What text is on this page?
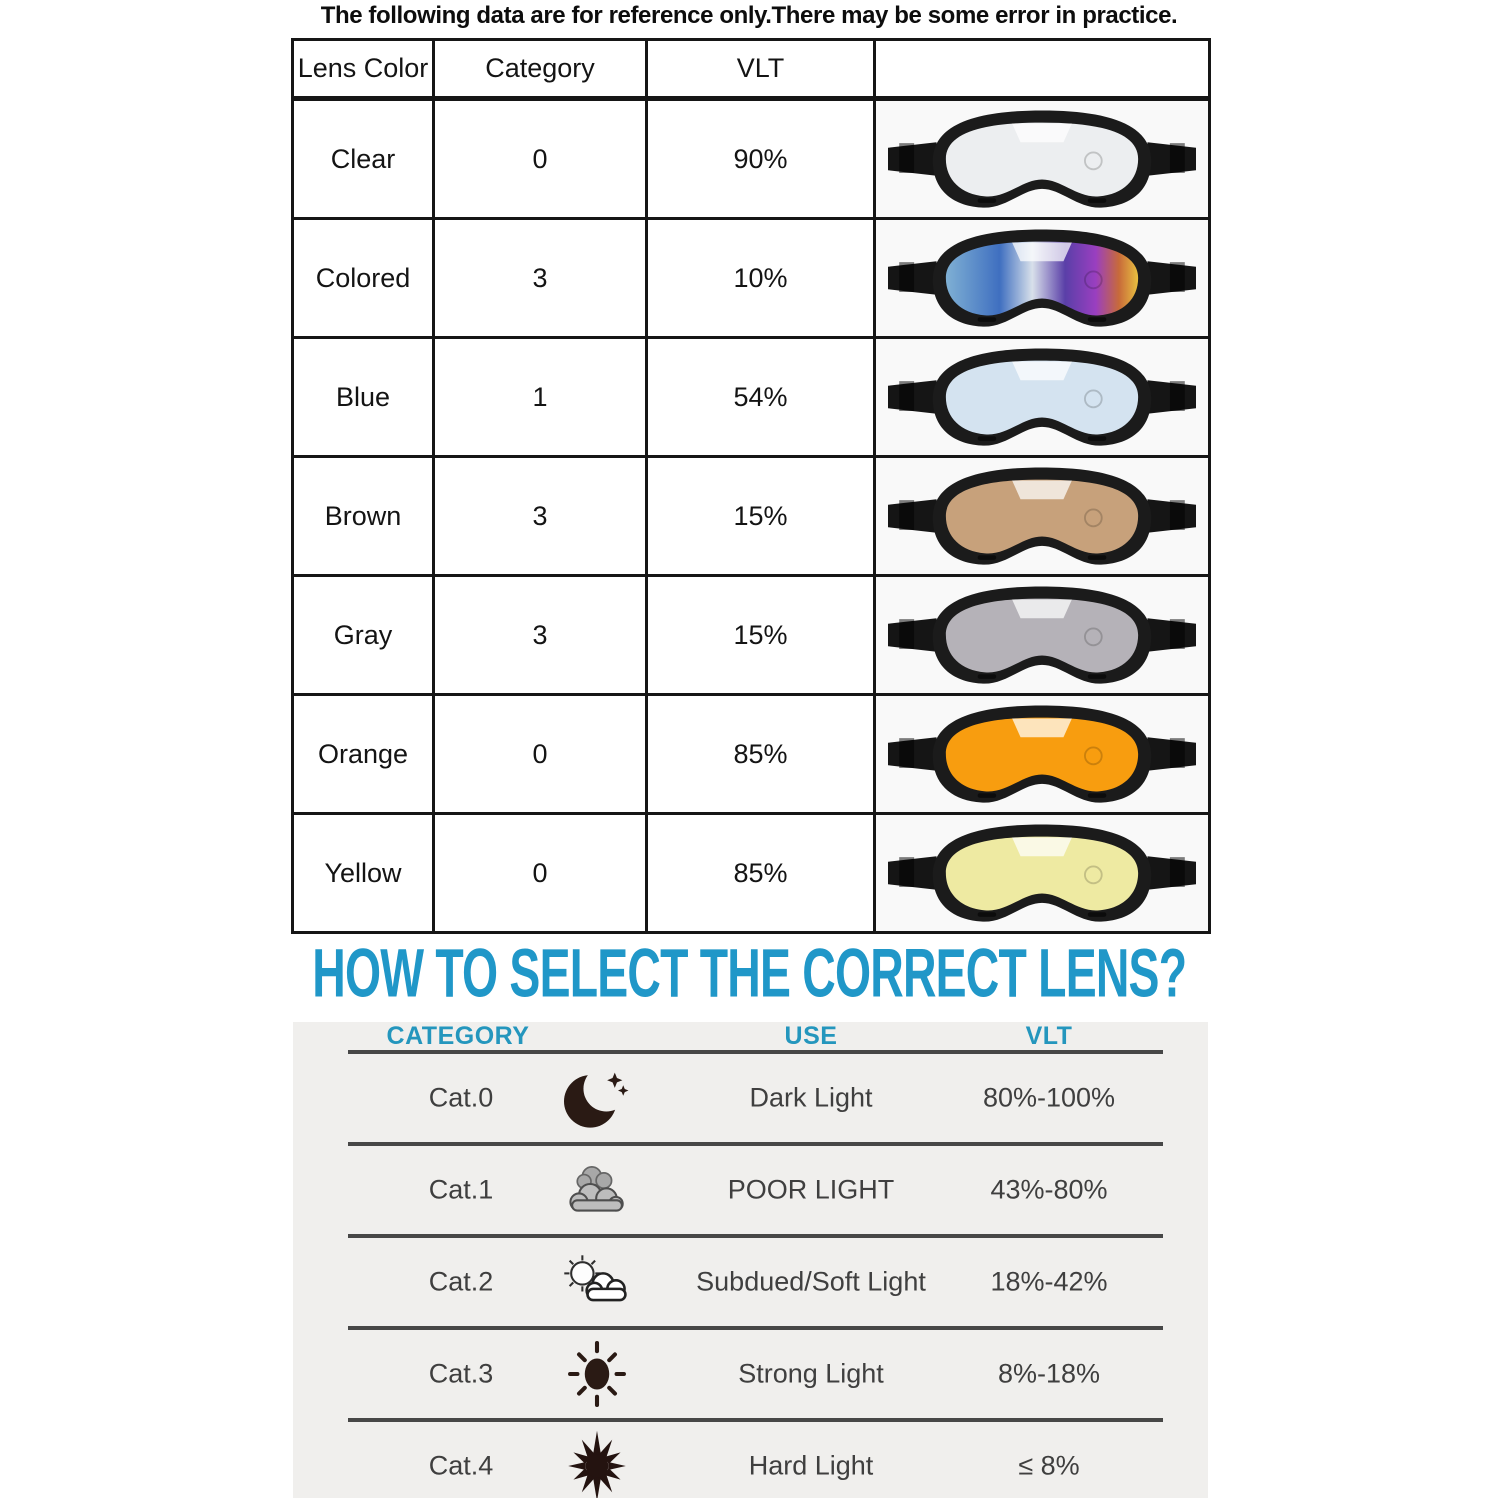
The following data are for reference only.There may be some error in practice.
Lens Color	Category	VLT	
Clear	0	90%	

Colored	3	10%	

Blue	1	54%	

Brown	3	15%	

Gray	3	15%	

Orange	0	85%	

Yellow	0	85%	
HOW TO SELECT THE CORRECT LENS?
CATEGORY	USE	VLT
Cat.0	Dark Light	80%-100%
Cat.1	POOR LIGHT	43%-80%
Cat.2	Subdued/Soft Light 18%-42%
Cat.3	Strong Light	8%-18%
Cat.4	Hard Light	≤ 8%
